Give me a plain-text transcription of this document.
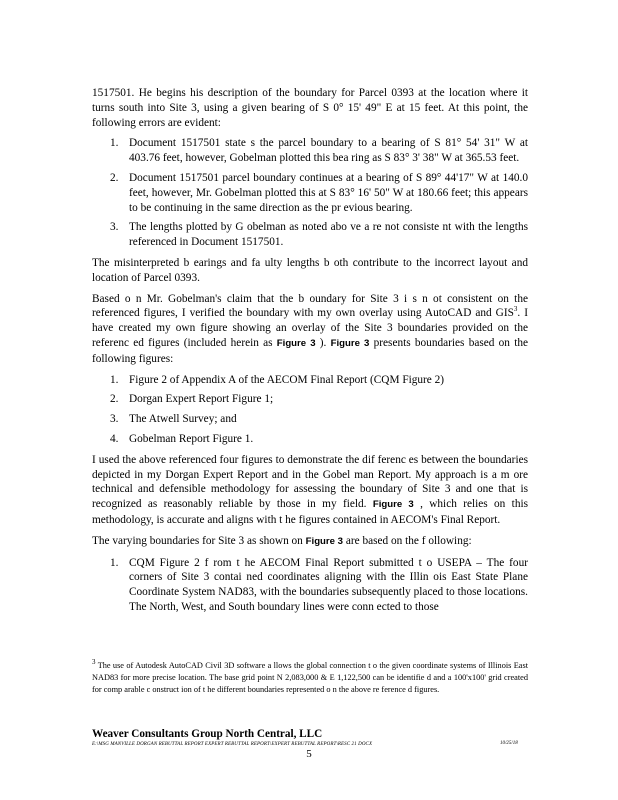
1517501. He begins his description of the boundary for Parcel 0393 at the location where it turns south into Site 3, using a given bearing of S 0° 15' 49" E at 15 feet. At this point, the following errors are evident:

1. Document 1517501 state s the parcel boundary to a bearing of S 81° 54' 31" W at 403.76 feet, however, Gobelman plotted this bea ring as S 83° 3' 38" W at 365.53 feet.
2. Document 1517501 parcel boundary continues at a bearing of S 89° 44'17" W at 140.0 feet, however, Mr. Gobelman plotted this at S 83° 16' 50" W at 180.66 feet; this appears to be continuing in the same direction as the pr evious bearing.
3. The lengths plotted by G obelman as noted abo ve a re not consiste nt with the lengths referenced in Document 1517501.

The misinterpreted b earings and fa ulty lengths b oth contribute to the incorrect layout and location of Parcel 0393.

Based o n Mr. Gobelman's claim that the b oundary for Site 3 i s n ot consistent on the referenced figures, I verified the boundary with my own overlay using AutoCAD and GIS$^3$. I have created my own figure showing an overlay of the Site 3 boundaries provided on the referenc ed figures (included herein as Figure 3 ). Figure 3 presents boundaries based on the following figures:

1. Figure 2 of Appendix A of the AECOM Final Report (CQM Figure 2)
2. Dorgan Expert Report Figure 1;
3. The Atwell Survey; and
4. Gobelman Report Figure 1.

I used the above referenced four figures to demonstrate the dif ferenc es between the boundaries depicted in my Dorgan Expert Report and in the Gobel man Report. My approach is a m ore technical and defensible methodology for assessing the boundary of Site 3 and one that is recognized as reasonably reliable by those in my field. Figure 3 , which relies on this methodology, is accurate and aligns with t he figures contained in AECOM's Final Report.

The varying boundaries for Site 3 as shown on Figure 3 are based on the f ollowing:

1. CQM Figure 2 f rom t he AECOM Final Report submitted t o USEPA – The four corners of Site 3 contai ned coordinates aligning with the Illin ois East State Plane Coordinate System NAD83, with the boundaries subsequently placed to those locations. The North, West, and South boundary lines were conn ected to those
$^3$ The use of Autodesk AutoCAD Civil 3D software a llows the global connection t o the given coordinate systems of Illinois East NAD83 for more precise location. The base grid point N 2,083,000 & E 1,122,500 can be identifie d and a 100'x100' grid created for comp arable c onstruct ion of t he different boundaries represented o n the above re ference d figures.
Weaver Consultants Group North Central, LLC
E:\MSG MANVILLE DORGAN REBUTTAL REPORT EXPERT REBUTTAL REPORT\EXPERT REBUTTAL REPORT\RESC 21 DOCX	10/25/18
5
